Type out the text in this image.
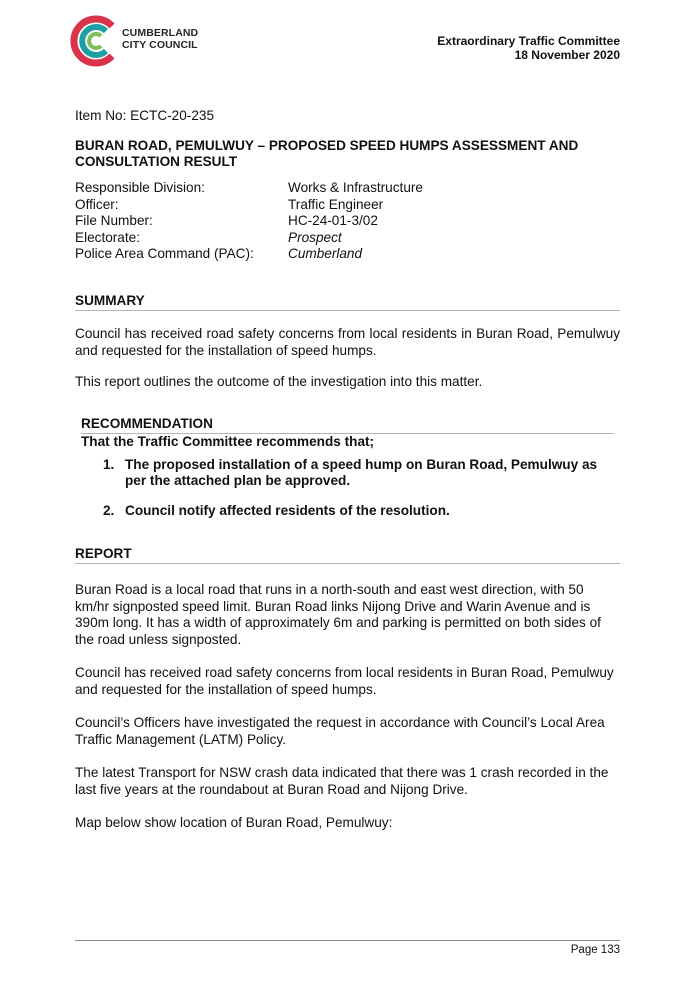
CUMBERLAND
CITY COUNCIL	Extraordinary Traffic Committee
18 November 2020
Item No: ECTC-20-235
BURAN ROAD, PEMULWUY – PROPOSED SPEED HUMPS ASSESSMENT AND CONSULTATION RESULT
Responsible Division:	Works & Infrastructure
Officer:	Traffic Engineer
File Number:	HC-24-01-3/02
Electorate:	Prospect
Police Area Command (PAC):	Cumberland
SUMMARY
Council has received road safety concerns from local residents in Buran Road, Pemulwuy and requested for the installation of speed humps.
This report outlines the outcome of the investigation into this matter.
RECOMMENDATION
That the Traffic Committee recommends that;
1. The proposed installation of a speed hump on Buran Road, Pemulwuy as per the attached plan be approved.
2. Council notify affected residents of the resolution.
REPORT
Buran Road is a local road that runs in a north-south and east west direction, with 50 km/hr signposted speed limit. Buran Road links Nijong Drive and Warin Avenue and is 390m long. It has a width of approximately 6m and parking is permitted on both sides of the road unless signposted.
Council has received road safety concerns from local residents in Buran Road, Pemulwuy and requested for the installation of speed humps.
Council’s Officers have investigated the request in accordance with Council’s Local Area Traffic Management (LATM) Policy.
The latest Transport for NSW crash data indicated that there was 1 crash recorded in the last five years at the roundabout at Buran Road and Nijong Drive.
Map below show location of Buran Road, Pemulwuy:
Page 133
